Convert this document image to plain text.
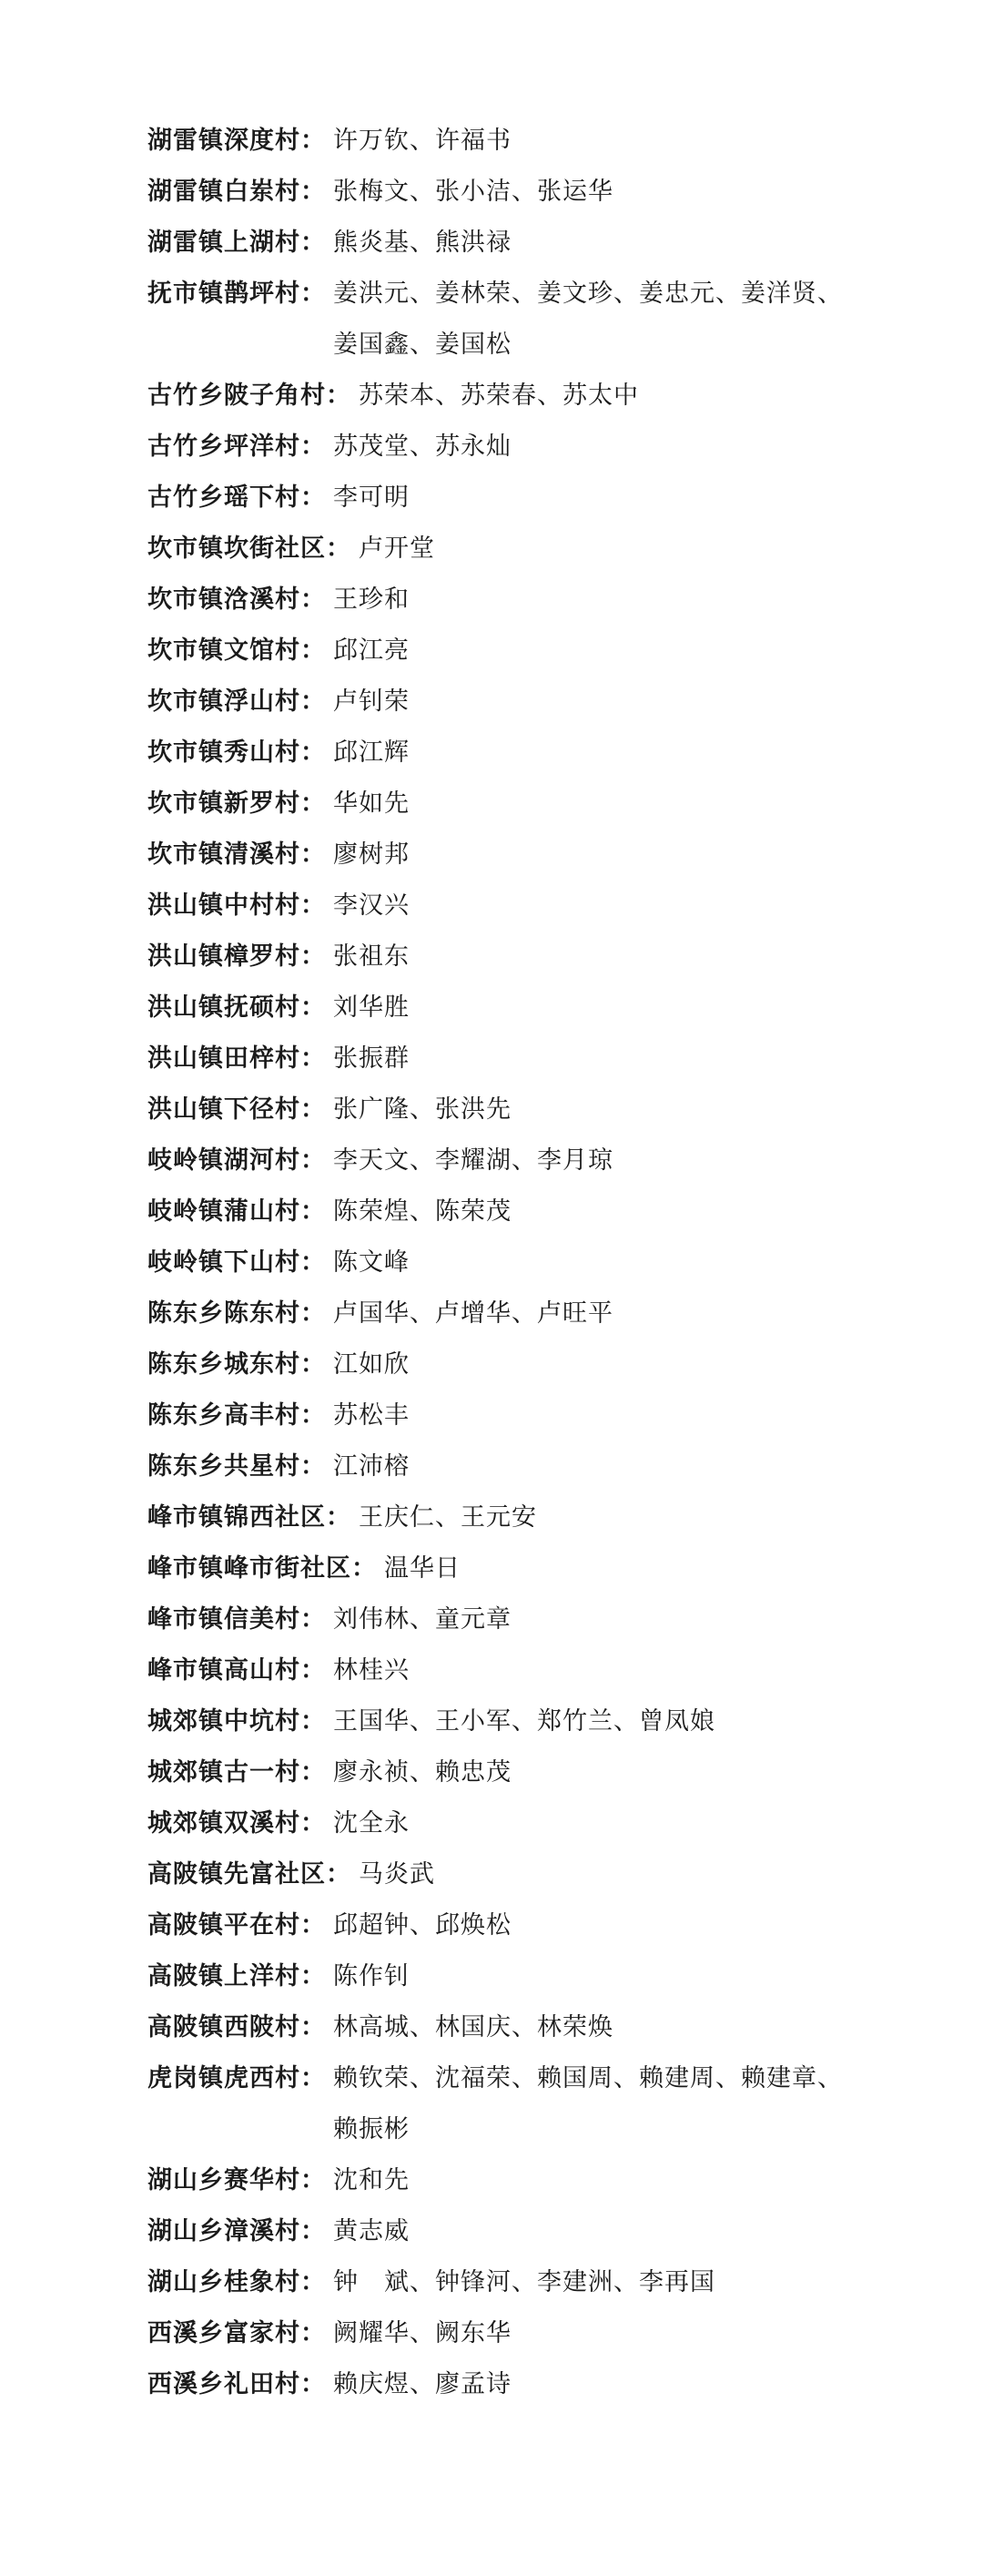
湖雷镇深度村： 许万钦、许福书
湖雷镇白岽村： 张梅文、张小洁、张运华
湖雷镇上湖村： 熊炎基、熊洪禄
抚市镇鹊坪村： 姜洪元、姜林荣、姜文珍、姜忠元、姜洋贤、姜国鑫、姜国松
古竹乡陂子角村： 苏荣本、苏荣春、苏太中
古竹乡坪洋村： 苏茂堂、苏永灿
古竹乡瑶下村： 李可明
坎市镇坎街社区： 卢开堂
坎市镇浛溪村： 王珍和
坎市镇文馆村： 邱江亮
坎市镇浮山村： 卢钊荣
坎市镇秀山村： 邱江辉
坎市镇新罗村： 华如先
坎市镇清溪村： 廖树邦
洪山镇中村村： 李汉兴
洪山镇樟罗村： 张祖东
洪山镇抚硕村： 刘华胜
洪山镇田梓村： 张振群
洪山镇下径村： 张广隆、张洪先
岐岭镇湖河村： 李天文、李耀湖、李月琼
岐岭镇蒲山村： 陈荣煌、陈荣茂
岐岭镇下山村： 陈文峰
陈东乡陈东村： 卢国华、卢增华、卢旺平
陈东乡城东村： 江如欣
陈东乡高丰村： 苏松丰
陈东乡共星村： 江沛榕
峰市镇锦西社区： 王庆仁、王元安
峰市镇峰市街社区： 温华日
峰市镇信美村： 刘伟林、童元章
峰市镇高山村： 林桂兴
城郊镇中坑村： 王国华、王小军、郑竹兰、曾凤娘
城郊镇古一村： 廖永祯、赖忠茂
城郊镇双溪村： 沈全永
高陂镇先富社区： 马炎武
高陂镇平在村： 邱超钟、邱焕松
高陂镇上洋村： 陈作钊
高陂镇西陂村： 林高城、林国庆、林荣焕
虎岗镇虎西村： 赖钦荣、沈福荣、赖国周、赖建周、赖建章、赖振彬
湖山乡赛华村： 沈和先
湖山乡漳溪村： 黄志威
湖山乡桂象村： 钟　斌、钟锋河、李建洲、李再国
西溪乡富家村： 阙耀华、阙东华
西溪乡礼田村： 赖庆煜、廖孟诗
